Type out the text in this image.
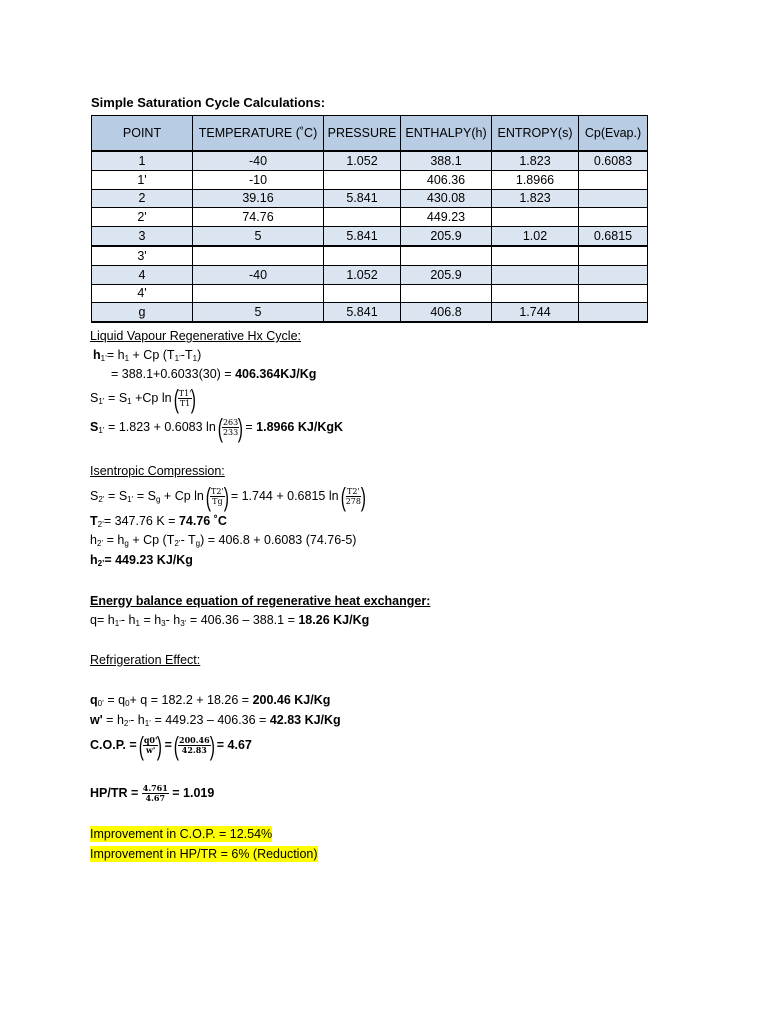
Simple Saturation Cycle Calculations:
POINT	TEMPERATURE (˚C)	PRESSURE	ENTHALPY(h)	ENTROPY(s)	Cp(Evap.)
1	-40	1.052	388.1	1.823	0.6083
1'	-10		406.36	1.8966	
2	39.16	5.841	430.08	1.823	
2'	74.76		449.23		
3	5	5.841	205.9	1.02	0.6815
3'					
4	-40	1.052	205.9		
4'					
g	5	5.841	406.8	1.744	
Liquid Vapour Regenerative Hx Cycle:
$h_{1’}= h_1 + Cp$ $(T_{1’}-T_1)$
= 388.1+0.6033(30) = 406.364KJ/Kg
$S_{1’} = S_1 +Cp$ ln (
$\frac{T1'}{T1}$
)
$S_{1’} = 1.823 + 0.6083$ ln (
$\frac{263}{233}$
) = 1.8966 KJ/KgK
Isentropic Compression:
$S_{2’} = S_{1’} = S_g + Cp$ ln (
$\frac{T2'}{Tg}$
) = 1.744 + 0.6815 ln (
$\frac{T2'}{278}$
)
$T_{2’}= 347.76$ K = 74.76 ˚C
$h_{2’} = h_g + Cp$ ($T_{2’}-$ $T_g) = 406.8 + 0.6083$ (74.76-5)
$h_{2’}= 449.23$ KJ/Kg
Energy balance equation of regenerative heat exchanger:
$q= h_{1’}-$ $h_1 = h_3-$ $h_{3’} = 406.36 - 388.1 = 18.26$ KJ/Kg
Refrigeration Effect:
$q_{0’} = q_0+ q = 182.2 + 18.26 = 200.46$ KJ/Kg
$w' = h_{2’}-$ $h_{1’} = 449.23 - 406.36 = 42.83$ KJ/Kg
C.O.P. = (
$\frac{q0'}{w'}$
) = (
$\frac{200.46}{42.83}$
) = 4.67
$HP/TR = \frac{4.761}{4.67} = 1.019$
Improvement in C.O.P. = 12.54%
Improvement in HP/TR = 6% (Reduction)
